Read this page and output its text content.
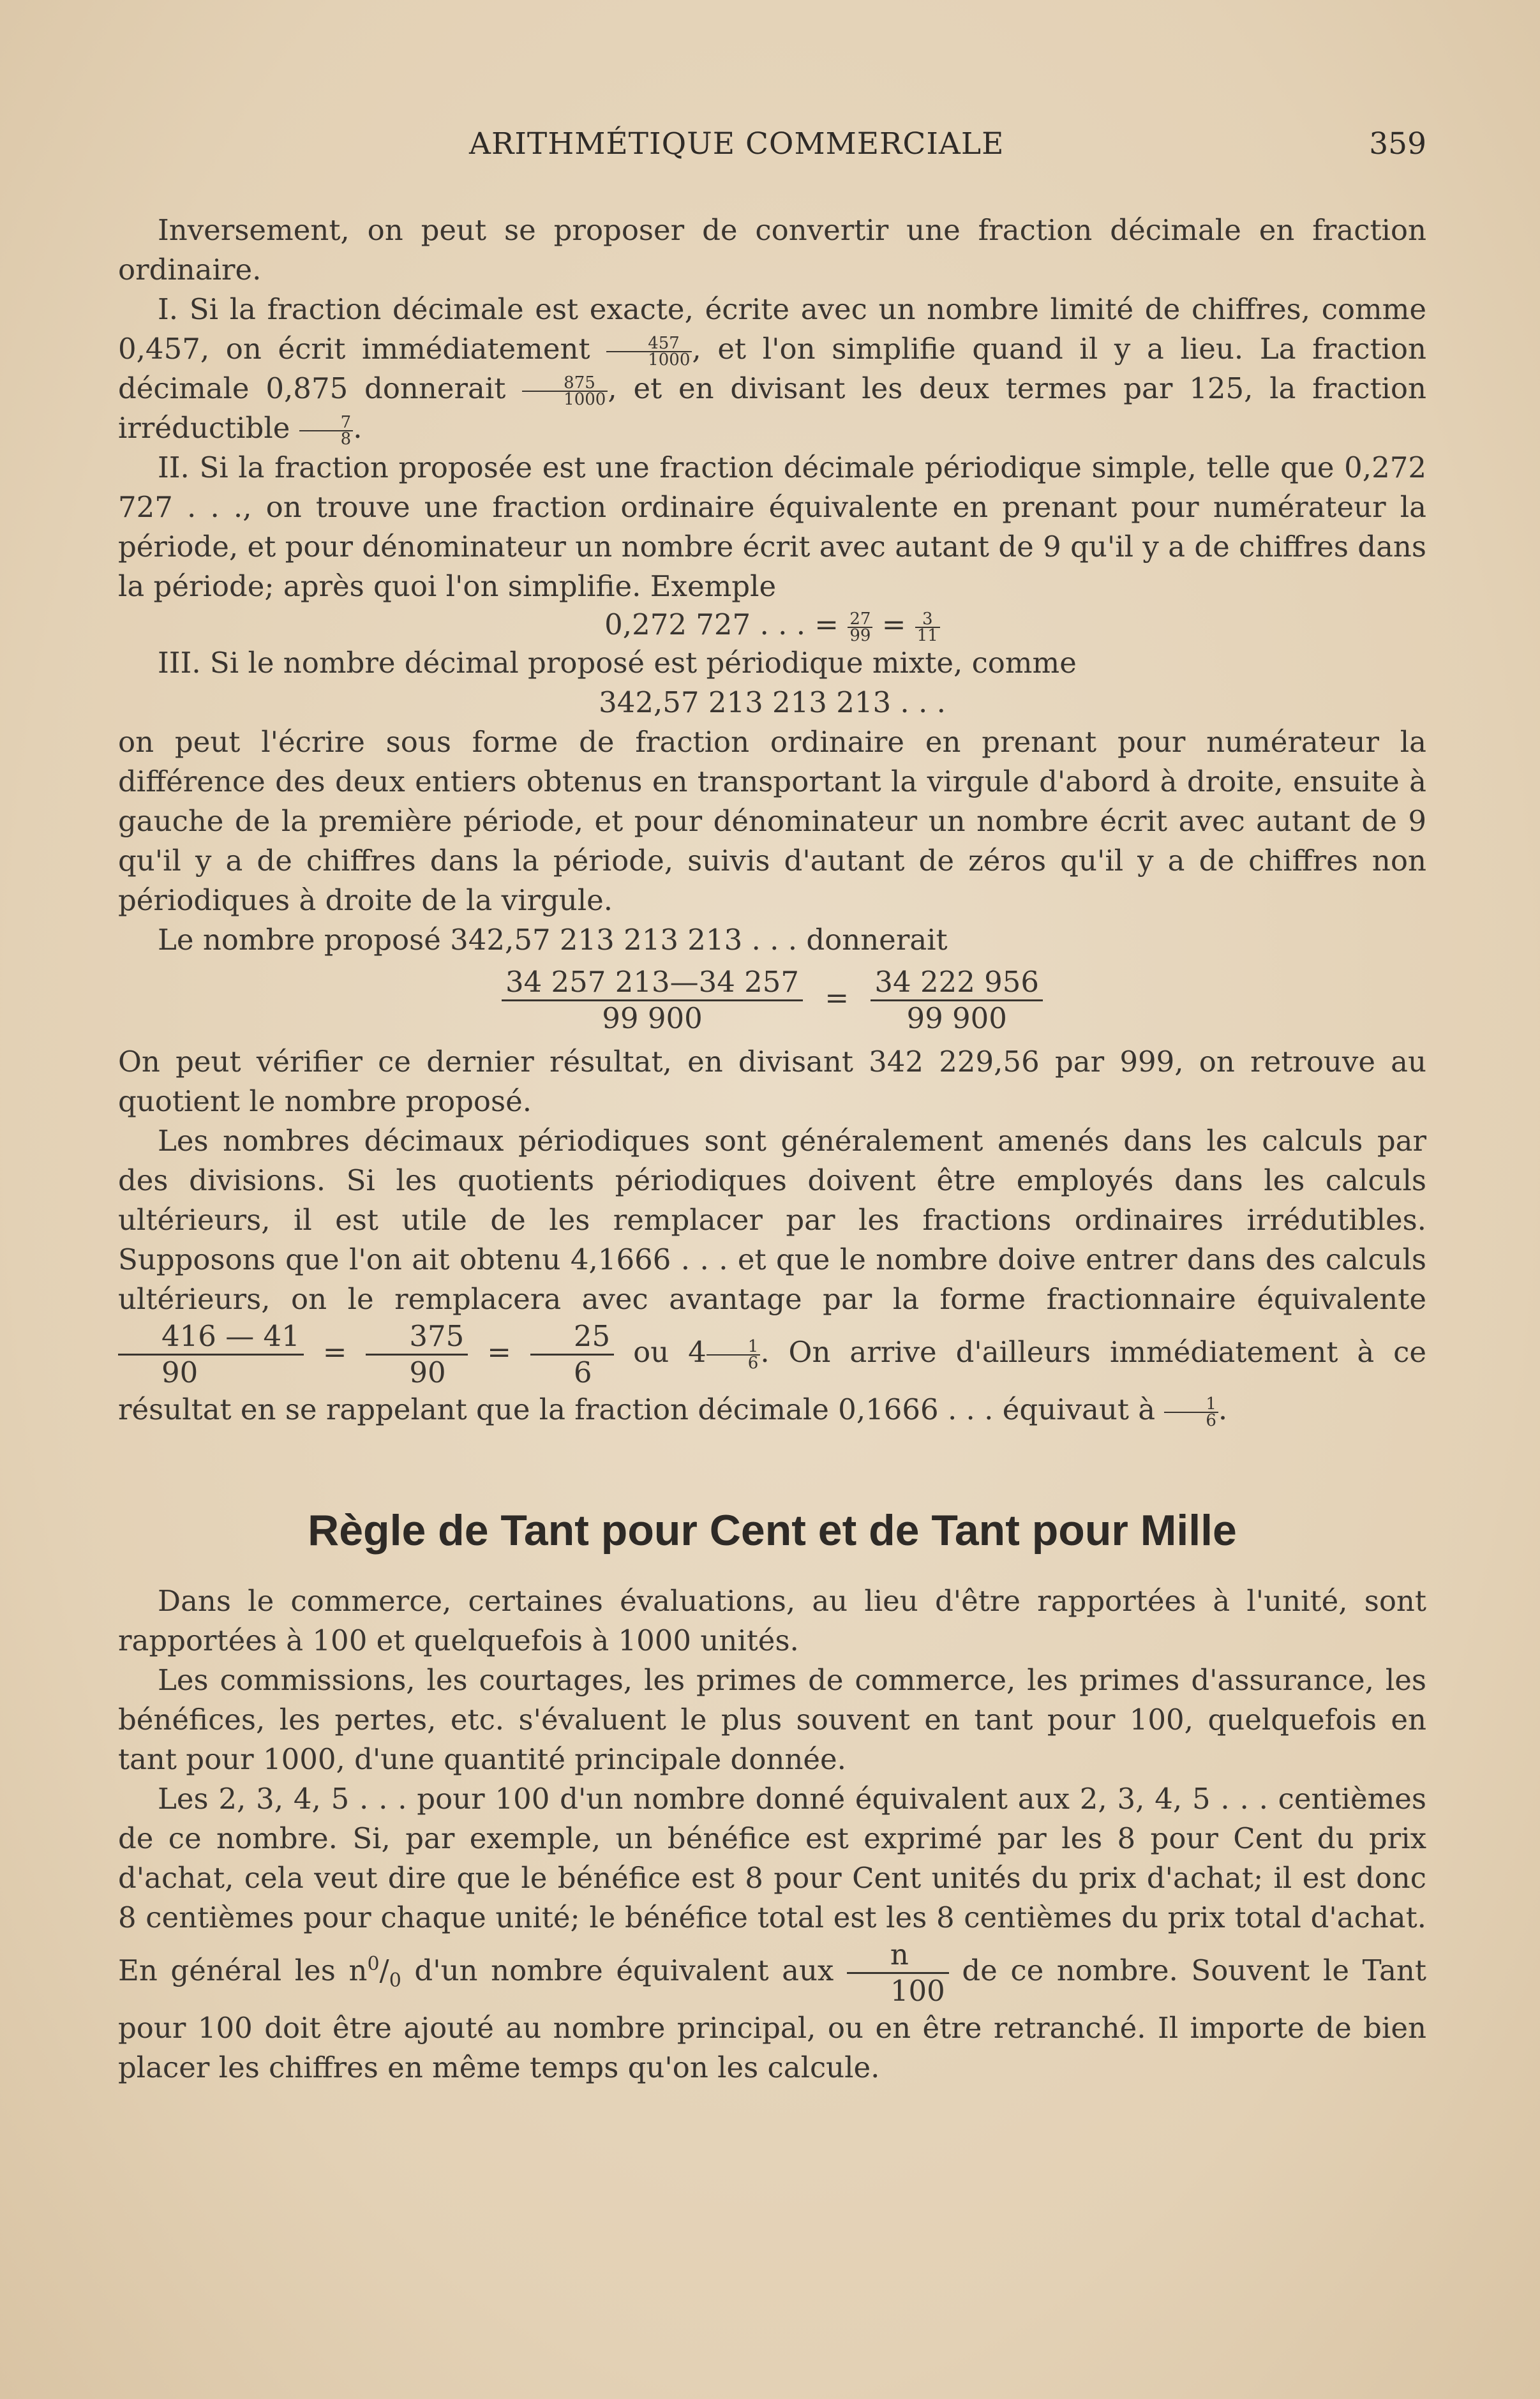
ARITHMÉTIQUE COMMERCIALE	359

Inversement, on peut se proposer de convertir une fraction décimale en fraction ordinaire.

I. Si la fraction décimale est exacte, écrite avec un nombre limité de chiffres, comme 0,457, on écrit immédiatement $\frac{457}{1000}$ , et l'on simplifie quand il y a lieu. La fraction décimale 0,875 donnerait $\frac{875}{1000}$ , et en divisant les deux termes par 125, la fraction irréductible $\frac{7}{8}$ .

II. Si la fraction proposée est une fraction décimale périodique simple, telle que 0,272 727 . . ., on trouve une fraction ordinaire équivalente en prenant pour numérateur la période, et pour dénominateur un nombre écrit avec autant de 9 qu'il y a de chiffres dans la période; après quoi l'on simplifie. Exemple

0,272 727 . . . = $\frac{27}{99} = \frac{3}{11}$

III. Si le nombre décimal proposé est périodique mixte, comme

342,57 213 213 213 . . .

on peut l'écrire sous forme de fraction ordinaire en prenant pour numérateur la différence des deux entiers obtenus en transportant la virgule d'abord à droite, ensuite à gauche de la première période, et pour dénominateur un nombre écrit avec autant de 9 qu'il y a de chiffres dans la période, suivis d'autant de zéros qu'il y a de chiffres non périodiques à droite de la virgule.

Le nombre proposé 342,57 213 213 213 . . . donnerait

$\frac{34 257 213—34 257}{99 900} = \frac{34 222 956}{99 900}$

On peut vérifier ce dernier résultat, en divisant 342 229,56 par 999, on retrouve au quotient le nombre proposé.

Les nombres décimaux périodiques sont généralement amenés dans les calculs par des divisions. Si les quotients périodiques doivent être employés dans les calculs ultérieurs, il est utile de les remplacer par les fractions ordinaires irrédutibles. Supposons que l'on ait obtenu 4,1666 . . . et que le nombre doive entrer dans des calculs ultérieurs, on le remplacera avec avantage par la forme fractionnaire équivalente
$\frac{416 — 41}{90} = \frac{375}{90} = \frac{25}{6}$ ou $4 \frac{1}{6}$ . On arrive d'ailleurs immédiatement à ce résultat en se rappelant que la fraction décimale 0,1666 . . . équivaut à $\frac{1}{6}$ .

Règle de Tant pour Cent et de Tant pour Mille

Dans le commerce, certaines évaluations, au lieu d'être rapportées à l'unité, sont rapportées à 100 et quelquefois à 1000 unités.

Les commissions, les courtages, les primes de commerce, les primes d'assurance, les bénéfices, les pertes, etc. s'évaluent le plus souvent en tant pour 100, quelquefois en tant pour 1000, d'une quantité principale donnée.

Les 2, 3, 4, 5 . . . pour 100 d'un nombre donné équivalent aux 2, 3, 4, 5 . . . centièmes de ce nombre. Si, par exemple, un bénéfice est exprimé par les 8 pour Cent du prix d'achat, cela veut dire que le bénéfice est 8 pour Cent unités du prix d'achat; il est donc 8 centièmes pour chaque unité; le bénéfice total est les 8 centièmes du prix total d'achat. En général les $n^0/_0$ d'un nombre équivalent aux $\frac{n}{100}$ de ce nombre. Souvent le Tant pour 100 doit être ajouté au nombre principal, ou en être retranché. Il importe de bien placer les chiffres en même temps qu'on les calcule.
